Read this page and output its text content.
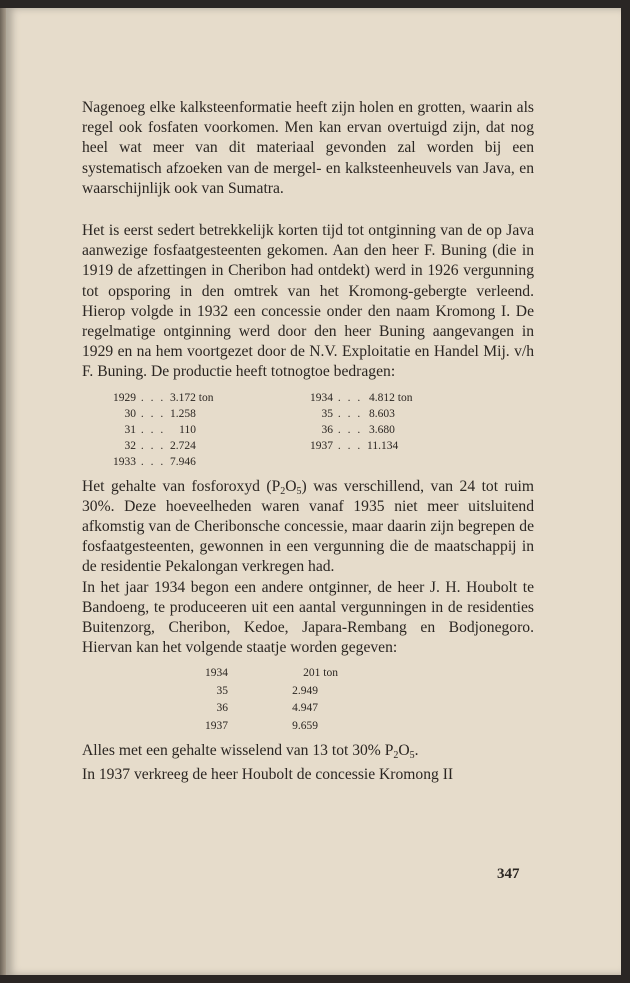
Nagenoeg elke kalksteenformatie heeft zijn holen en grotten, waarin als regel ook fosfaten voorkomen. Men kan ervan overtuigd zijn, dat nog heel wat meer van dit materiaal gevonden zal worden bij een systematisch afzoeken van de mergel- en kalksteenheuvels van Java, en waarschijnlijk ook van Sumatra.

Het is eerst sedert betrekkelijk korten tijd tot ontginning van de op Java aanwezige fosfaatgesteenten gekomen. Aan den heer F. Buning (die in 1919 de afzettingen in Cheribon had ontdekt) werd in 1926 vergunning tot opsporing in den omtrek van het Kromong-gebergte verleend. Hierop volgde in 1932 een concessie onder den naam Kromong I. De regelmatige ontginning werd door den heer Buning aangevangen in 1929 en na hem voortgezet door de N.V. Exploitatie en Handel Mij. v/h F. Buning. De productie heeft totnogtoe bedragen:

1929 . . . 3.172 ton
30 . . . 1.258
31 . . .	110
32 . . . 2.724
1933 . . . 7.946
1934 . . . 4.812 ton
35 . . . 8.603
36 . . . 3.680
1937 . . . 11.134

Het gehalte van fosforoxyd $(P_2O_5)$ was verschillend, van 24 tot ruim 30%. Deze hoeveelheden waren vanaf 1935 niet meer uitsluitend afkomstig van de Cheribonsche concessie, maar daarin zijn begrepen de fosfaatgesteenten, gewonnen in een vergunning die de maatschappij in de residentie Pekalongan verkregen had.

In het jaar 1934 begon een andere ontginner, de heer J. H. Houbolt te Bandoeng, te produceeren uit een aantal vergunningen in de residenties Buitenzorg, Cheribon, Kedoe, Japara-Rembang en Bodjonegoro. Hiervan kan het volgende staatje worden gegeven:

1934	201 ton
35	2.949
36	4.947
1937	9.659

Alles met een gehalte wisselend van 13 tot 30% $P_2O_5$.

In 1937 verkreeg de heer Houbolt de concessie Kromong II

347
